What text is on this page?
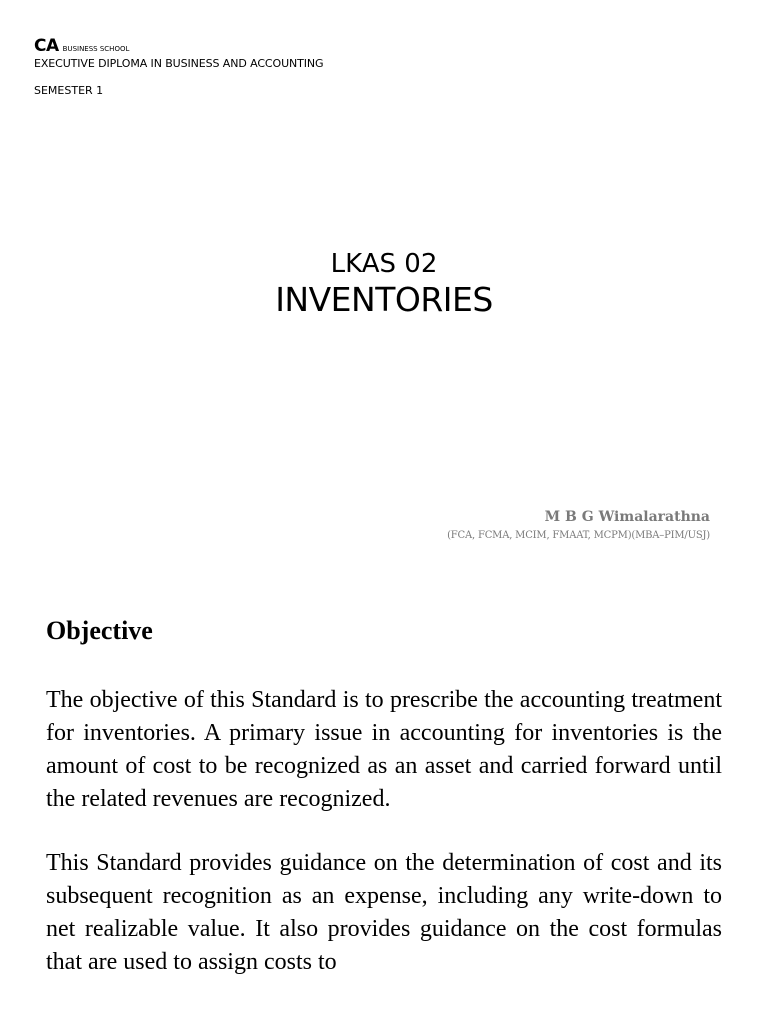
CA BUSINESS SCHOOL
EXECUTIVE DIPLOMA IN BUSINESS AND ACCOUNTING
SEMESTER 1
LKAS 02
INVENTORIES
M B G Wimalarathna
(FCA, FCMA, MCIM, FMAAT, MCPM)(MBA–PIM/USJ)
Objective

The objective of this Standard is to prescribe the accounting treatment for inventories. A primary issue in accounting for inventories is the amount of cost to be recognized as an asset and carried forward until the related revenues are recognized.

This Standard provides guidance on the determination of cost and its subsequent recognition as an expense, including any write-down to net realizable value. It also provides guidance on the cost formulas that are used to assign costs to
